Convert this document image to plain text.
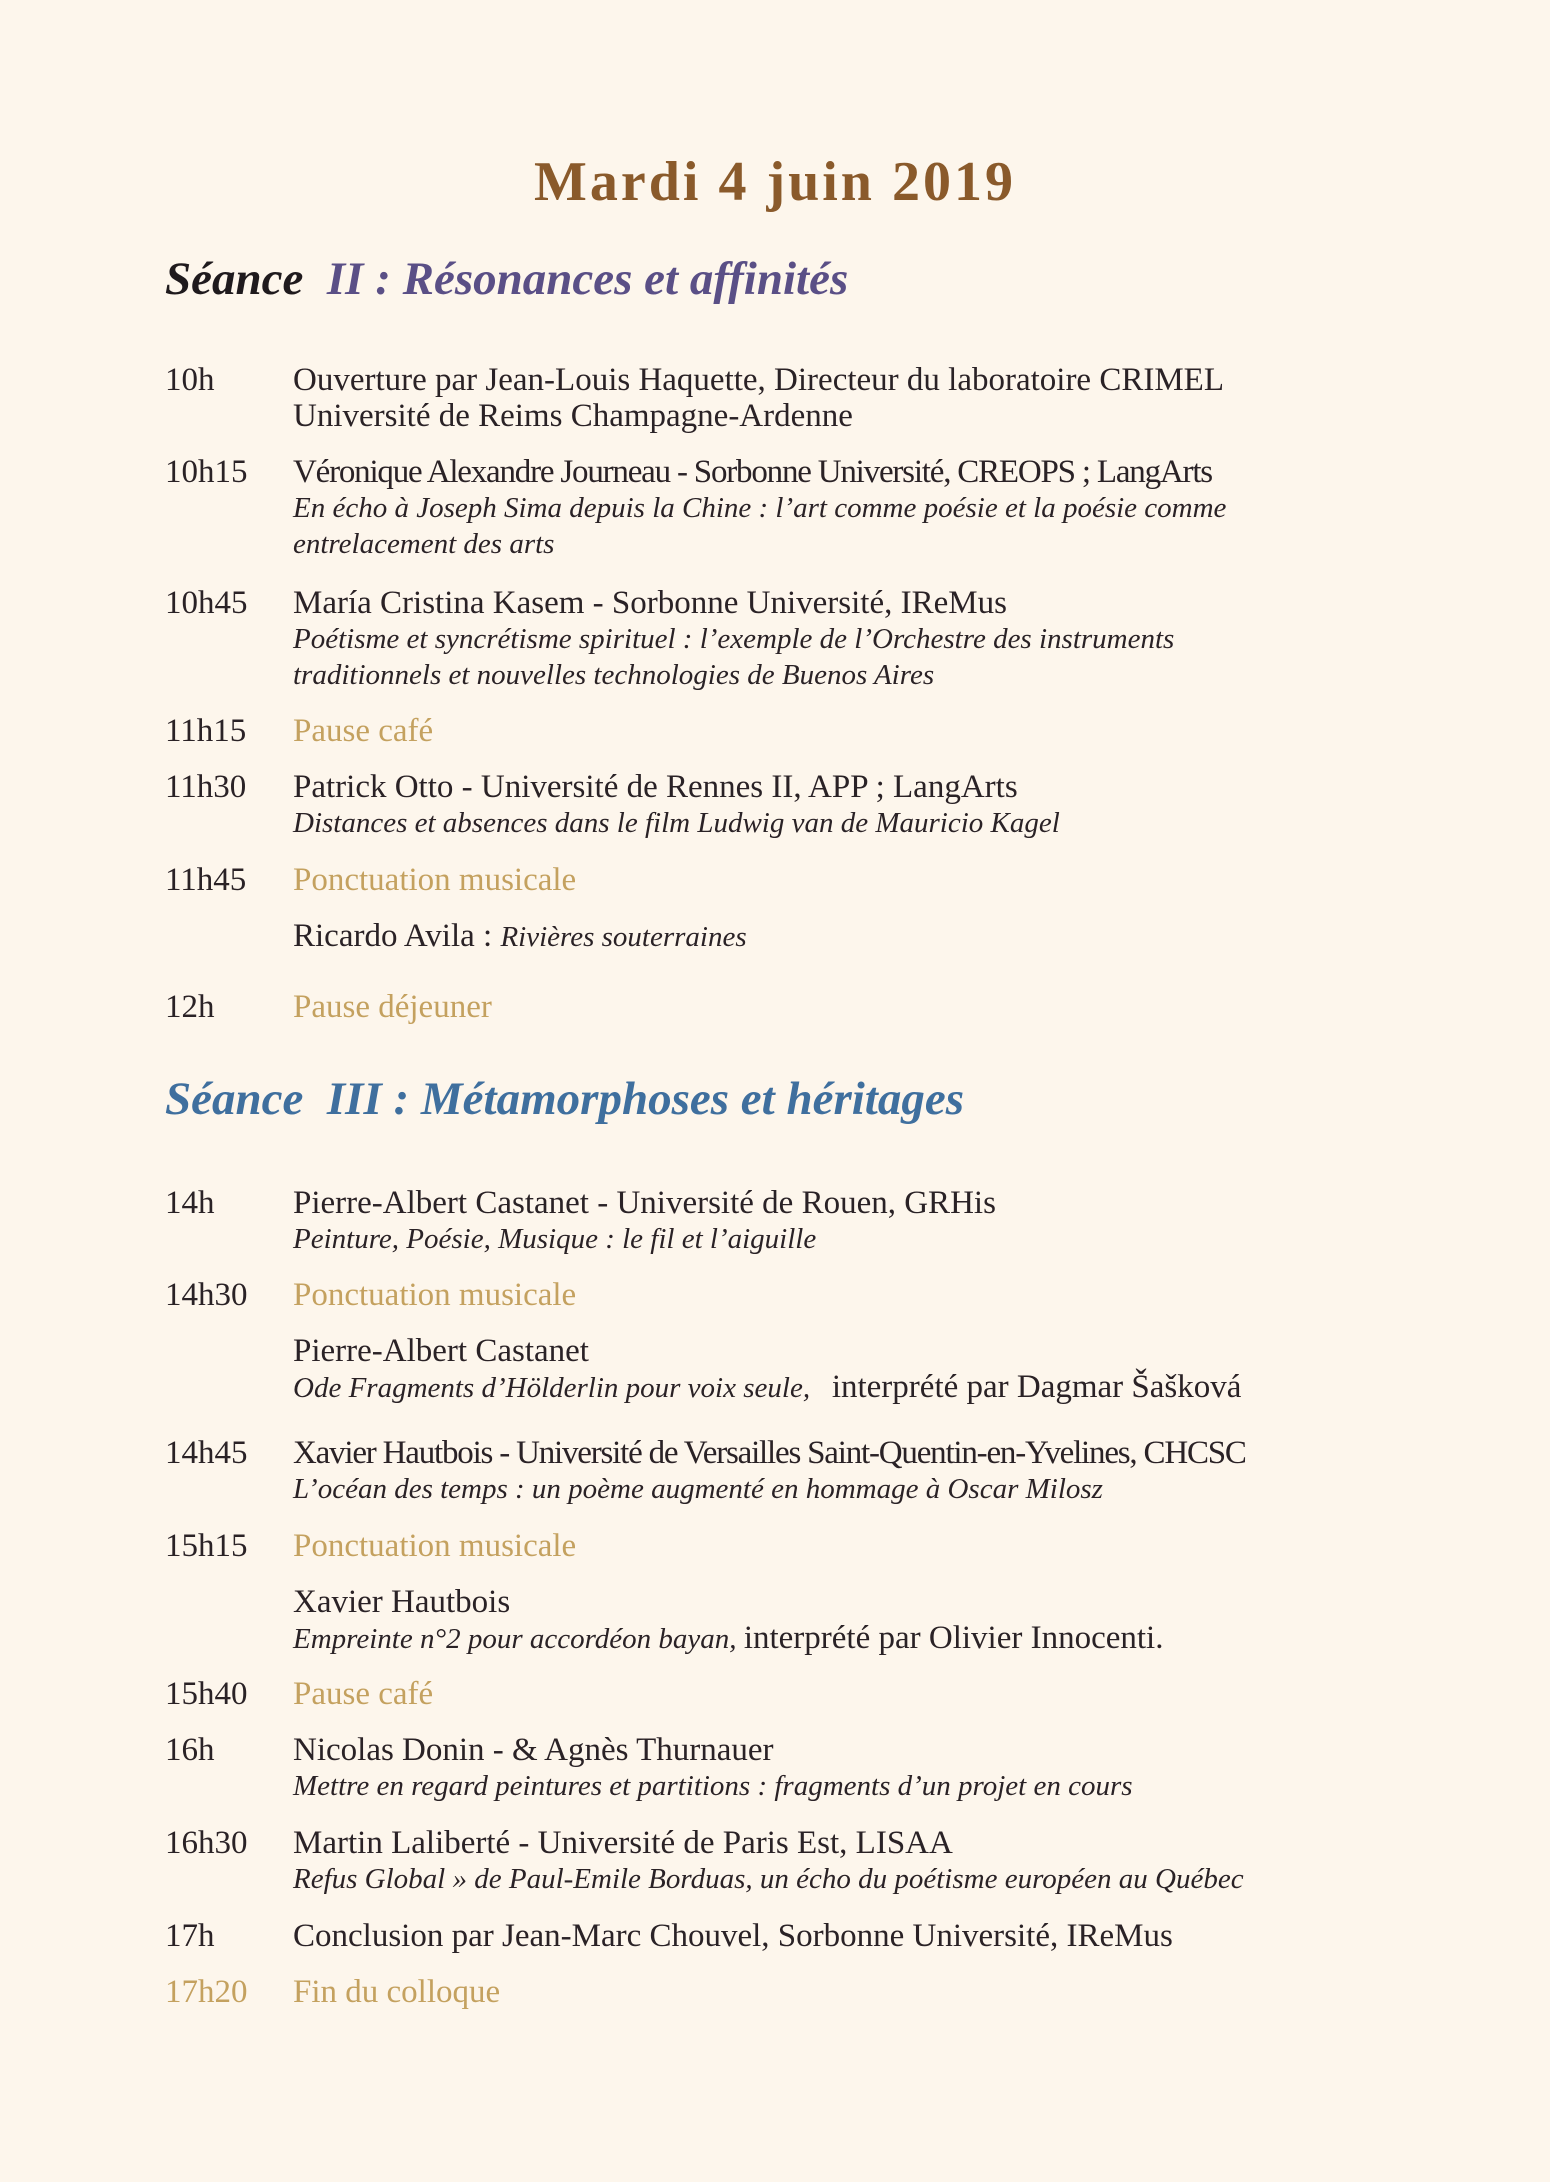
Mardi 4 juin 2019
Séance II : Résonances et affinités
10h Ouverture par Jean-Louis Haquette, Directeur du laboratoire CRIMEL
Université de Reims Champagne-Ardenne
10h15 Véronique Alexandre Journeau - Sorbonne Université, CREOPS ; LangArts
En écho à Joseph Sima depuis la Chine : l’art comme poésie et la poésie comme
entrelacement des arts
10h45 María Cristina Kasem - Sorbonne Université, IReMus
Poétisme et syncrétisme spirituel : l’exemple de l’Orchestre des instruments
traditionnels et nouvelles technologies de Buenos Aires
11h15 Pause café
11h30 Patrick Otto - Université de Rennes II, APP ; LangArts
Distances et absences dans le film Ludwig van de Mauricio Kagel
11h45 Ponctuation musicale
Ricardo Avila : Rivières souterraines
12h Pause déjeuner
Séance  III : Métamorphoses et héritages
14h Pierre-Albert Castanet - Université de Rouen, GRHis
Peinture, Poésie, Musique : le fil et l’aiguille
14h30 Ponctuation musicale
Pierre-Albert Castanet
Ode Fragments d’Hölderlin pour voix seule, interprété par Dagmar Šašková
14h45 Xavier Hautbois - Université de Versailles Saint-Quentin-en-Yvelines, CHCSC
L’océan des temps : un poème augmenté en hommage à Oscar Milosz
15h15 Ponctuation musicale
Xavier Hautbois
Empreinte n°2 pour accordéon bayan, interprété par Olivier Innocenti.
15h40 Pause café
16h Nicolas Donin - & Agnès Thurnauer
Mettre en regard peintures et partitions : fragments d’un projet en cours
16h30 Martin Laliberté - Université de Paris Est, LISAA
Refus Global » de Paul-Emile Borduas, un écho du poétisme européen au Québec
17h Conclusion par Jean-Marc Chouvel, Sorbonne Université, IReMus
17h20 Fin du colloque
